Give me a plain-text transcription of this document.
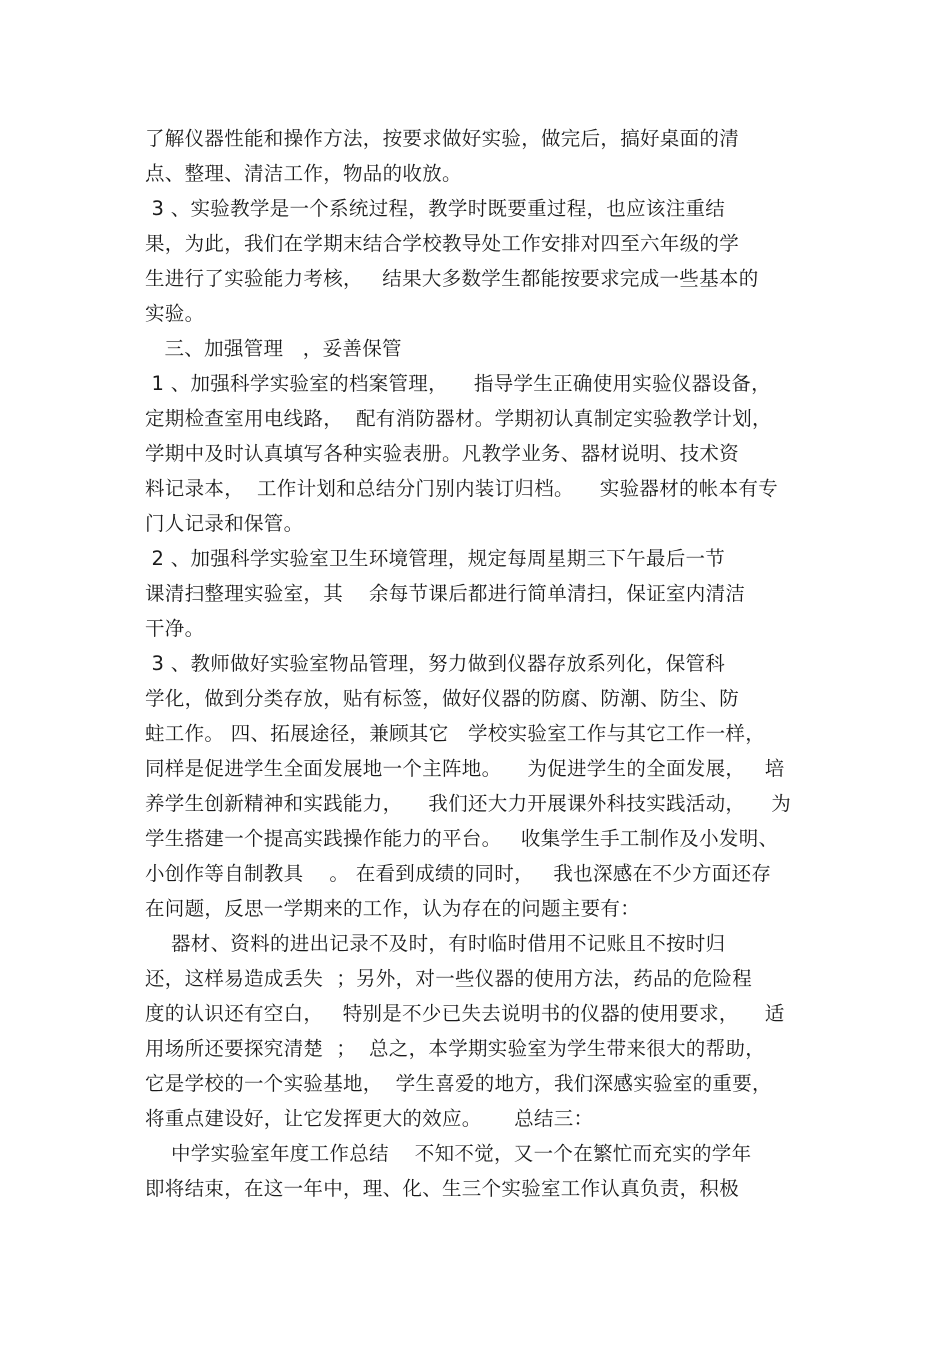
了解仪器性能和操作方法，按要求做好实验，做完后，搞好桌面的清
点、整理、清洁工作，物品的收放。
3 、实验教学是一个系统过程，教学时既要重过程，也应该注重结
果，为此，我们在学期末结合学校教导处工作安排对四至六年级的学
生进行了实验能力考核，   结果大多数学生都能按要求完成一些基本的
实验。
三、加强管理   ，妥善保管
1 、加强科学实验室的档案管理，    指导学生正确使用实验仪器设备，
定期检查室用电线路，  配有消防器材。学期初认真制定实验教学计划，
学期中及时认真填写各种实验表册。凡教学业务、器材说明、技术资
料记录本，  工作计划和总结分门别内装订归档。    实验器材的帐本有专
门人记录和保管。
2 、加强科学实验室卫生环境管理，规定每周星期三下午最后一节
课清扫整理实验室，其    余每节课后都进行简单清扫，保证室内清洁
干净。
3 、教师做好实验室物品管理，努力做到仪器存放系列化，保管科
学化，做到分类存放，贴有标签，做好仪器的防腐、防潮、防尘、防
蛀工作。 四、拓展途径，兼顾其它   学校实验室工作与其它工作一样，
同样是促进学生全面发展地一个主阵地。    为促进学生的全面发展，   培
养学生创新精神和实践能力，    我们还大力开展课外科技实践活动，    为
学生搭建一个提高实践操作能力的平台。   收集学生手工制作及小发明、
小创作等自制教具    。 在看到成绩的同时，   我也深感在不少方面还存
在问题，反思一学期来的工作，认为存在的问题主要有：
器材、资料的进出记录不及时，有时临时借用不记账且不按时归
还，这样易造成丢失  ；另外，对一些仪器的使用方法，药品的危险程
度的认识还有空白，   特别是不少已失去说明书的仪器的使用要求，    适
用场所还要探究清楚  ；  总之，本学期实验室为学生带来很大的帮助，
它是学校的一个实验基地，  学生喜爱的地方，我们深感实验室的重要，
将重点建设好，让它发挥更大的效应。     总结三：
中学实验室年度工作总结    不知不觉，又一个在繁忙而充实的学年
即将结束，在这一年中，理、化、生三个实验室工作认真负责，积极
